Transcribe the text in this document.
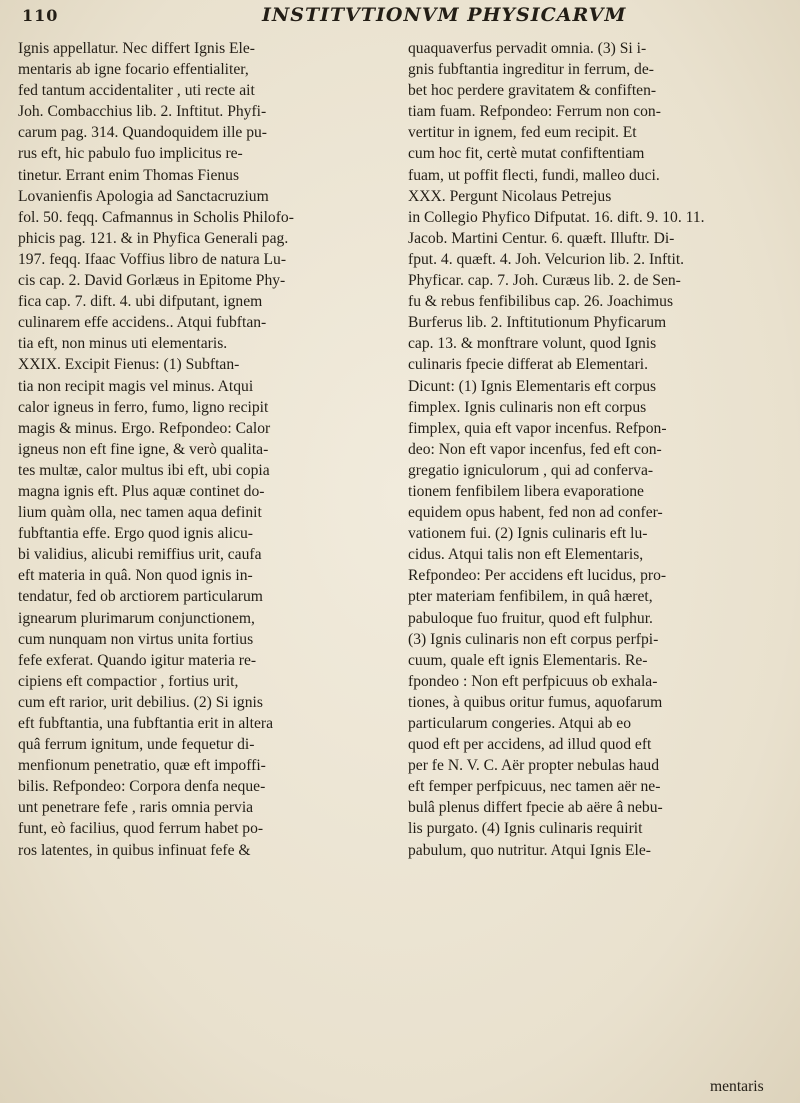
110	INSTITVTIONVM PHYSICARVM
Ignis appellatur. Nec differt Ignis Ele-
mentaris ab igne focario effentialiter,
fed tantum accidentaliter , uti recte ait
Joh. Combacchius lib. 2. Inftitut. Phyfi-
carum pag. 314. Quandoquidem ille pu-
rus eft, hic pabulo fuo implicitus re-
tinetur. Errant enim Thomas Fienus
Lovanienfis Apologia ad Sanctacruzium
fol. 50. feqq. Cafmannus in Scholis Philofo-
phicis pag. 121. & in Phyfica Generali pag.
197. feqq. Ifaac Voffius libro de natura Lu-
cis cap. 2. David Gorlæus in Epitome Phy-
fica cap. 7. dift. 4. ubi difputant, ignem
culinarem effe accidens.. Atqui fubftan-
tia eft, non minus uti elementaris.
XXIX. Excipit Fienus: (1) Subftan-
tia non recipit magis vel minus. Atqui
calor igneus in ferro, fumo, ligno recipit
magis & minus. Ergo. Refpondeo: Calor
igneus non eft fine igne, & verò qualita-
tes multæ, calor multus ibi eft, ubi copia
magna ignis eft. Plus aquæ continet do-
lium quàm olla, nec tamen aqua definit
fubftantia effe. Ergo quod ignis alicu-
bi validius, alicubi remiffius urit, caufa
eft materia in quâ. Non quod ignis in-
tendatur, fed ob arctiorem particularum
ignearum plurimarum conjunctionem,
cum nunquam non virtus unita fortius
fefe exferat. Quando igitur materia re-
cipiens eft compactior , fortius urit,
cum eft rarior, urit debilius. (2) Si ignis
eft fubftantia, una fubftantia erit in altera
quâ ferrum ignitum, unde fequetur di-
menfionum penetratio, quæ eft impoffi-
bilis. Refpondeo: Corpora denfa neque-
unt penetrare fefe , raris omnia pervia
funt, eò facilius, quod ferrum habet po-
ros latentes, in quibus infinuat fefe &
quaquaverfus pervadit omnia. (3) Si i-
gnis fubftantia ingreditur in ferrum, de-
bet hoc perdere gravitatem & confiften-
tiam fuam. Refpondeo: Ferrum non con-
vertitur in ignem, fed eum recipit. Et
cum hoc fit, certè mutat confiftentiam
fuam, ut poffit flecti, fundi, malleo duci.
XXX. Pergunt Nicolaus Petrejus
in Collegio Phyfico Difputat. 16. dift. 9. 10. 11.
Jacob. Martini Centur. 6. quæft. Illuftr. Di-
fput. 4. quæft. 4. Joh. Velcurion lib. 2. Inftit.
Phyficar. cap. 7. Joh. Curæus lib. 2. de Sen-
fu & rebus fenfibilibus cap. 26. Joachimus
Burferus lib. 2. Inftitutionum Phyficarum
cap. 13. & monftrare volunt, quod Ignis
culinaris fpecie differat ab Elementari.
Dicunt: (1) Ignis Elementaris eft corpus
fimplex. Ignis culinaris non eft corpus
fimplex, quia eft vapor incenfus. Refpon-
deo: Non eft vapor incenfus, fed eft con-
gregatio igniculorum , qui ad conferva-
tionem fenfibilem libera evaporatione
equidem opus habent, fed non ad confer-
vationem fui. (2) Ignis culinaris eft lu-
cidus. Atqui talis non eft Elementaris,
Refpondeo: Per accidens eft lucidus, pro-
pter materiam fenfibilem, in quâ hæret,
pabuloque fuo fruitur, quod eft fulphur.
(3) Ignis culinaris non eft corpus perfpi-
cuum, quale eft ignis Elementaris. Re-
fpondeo : Non eft perfpicuus ob exhala-
tiones, à quibus oritur fumus, aquofarum
particularum congeries. Atqui ab eo
quod eft per accidens, ad illud quod eft
per fe N. V. C. Aër propter nebulas haud
eft femper perfpicuus, nec tamen aër ne-
bulâ plenus differt fpecie ab aëre â nebu-
lis purgato. (4) Ignis culinaris requirit
pabulum, quo nutritur. Atqui Ignis Ele-
mentaris
